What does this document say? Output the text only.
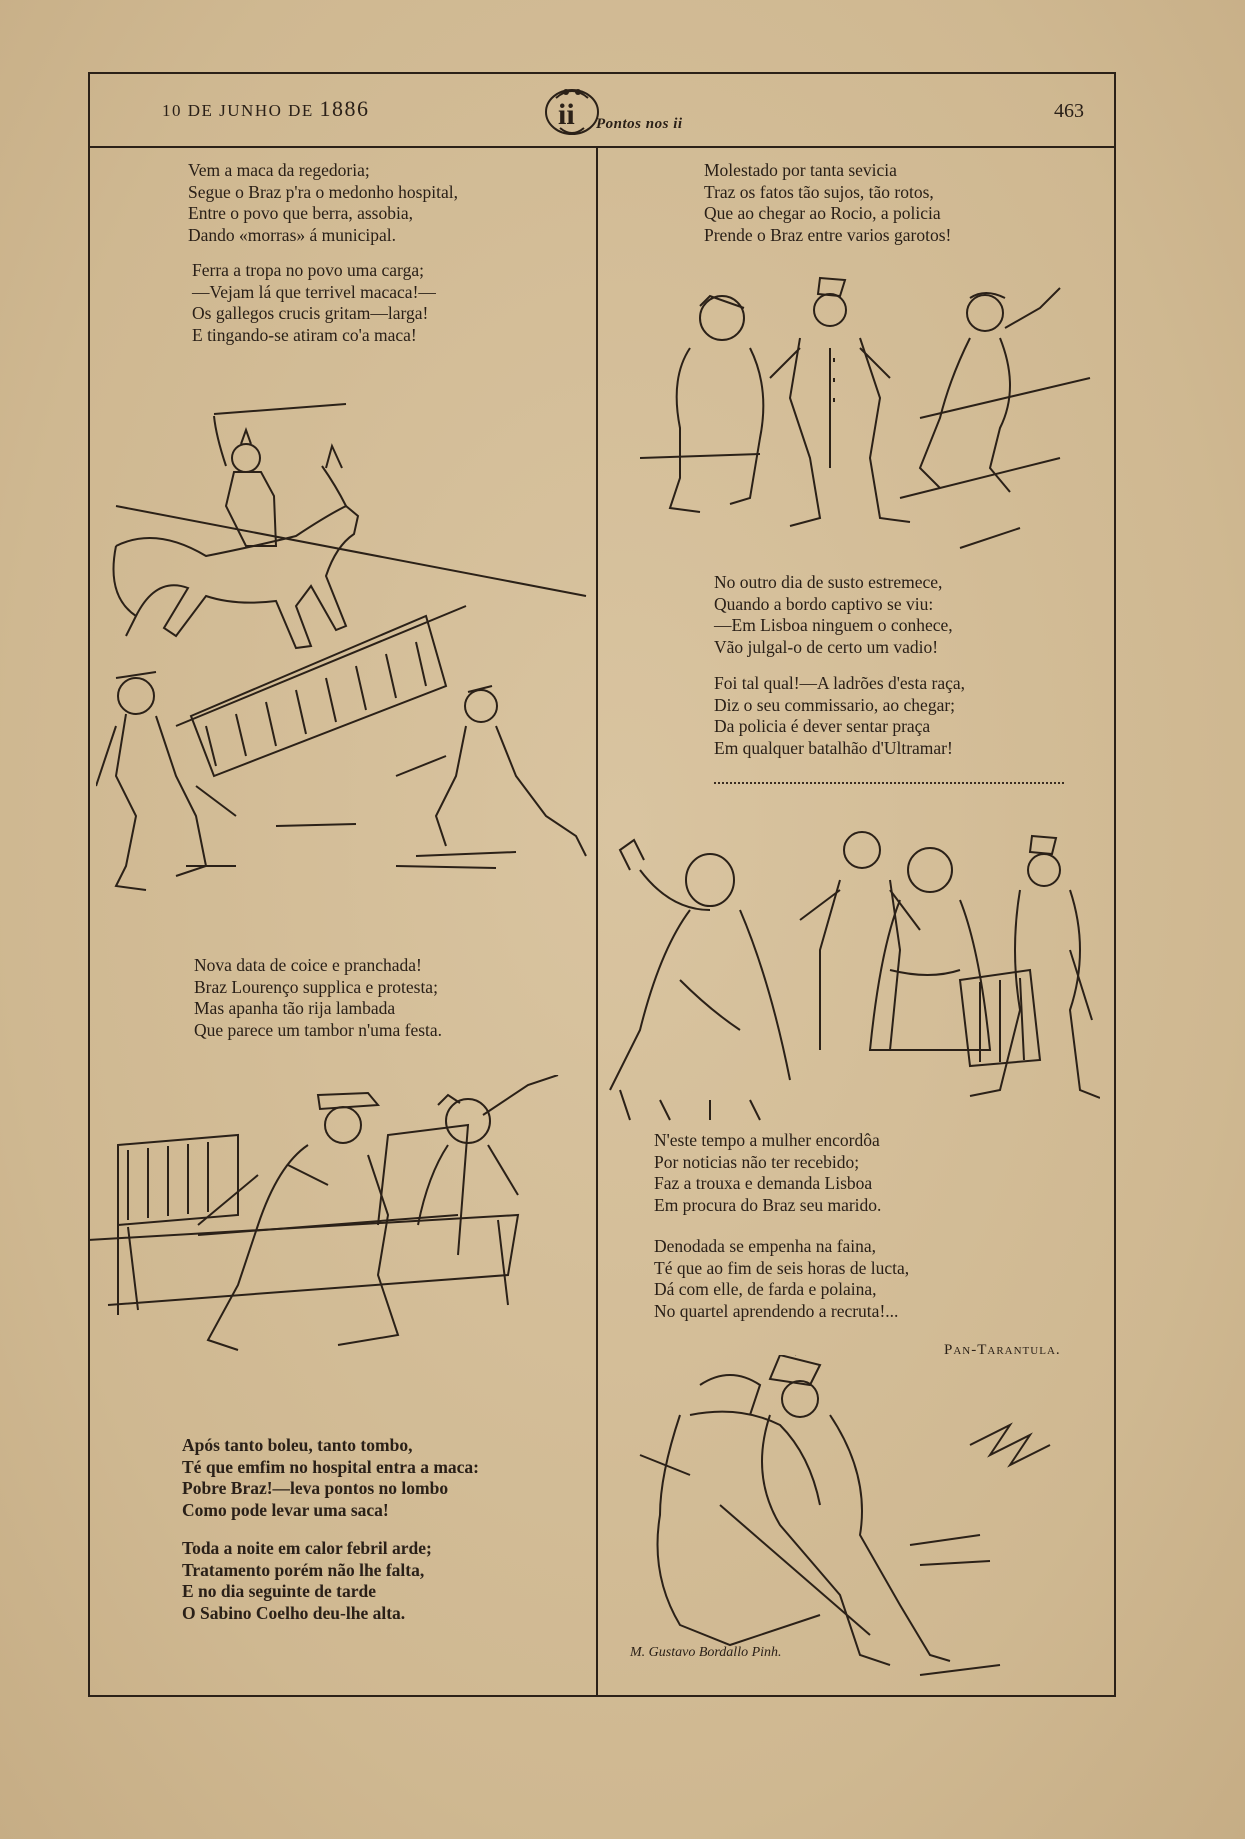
10 DE JUNHO DE 1886	ii Pontos nos ii
463
Vem a maca da regedoria;
Segue o Braz p'ra o medonho hospital,
Entre o povo que berra, assobia,
Dando «morras» á municipal.
Ferra a tropa no povo uma carga;
—Vejam lá que terrivel macaca!—
Os gallegos crucis gritam—larga!
E tingando-se atiram co'a maca!
Nova data de coice e pranchada!
Braz Lourenço supplica e protesta;
Mas apanha tão rija lambada
Que parece um tambor n'uma festa.
Após tanto boleu, tanto tombo,
Té que emfim no hospital entra a maca:
Pobre Braz!—leva pontos no lombo
Como pode levar uma saca!
Toda a noite em calor febril arde;
Tratamento porém não lhe falta,
E no dia seguinte de tarde
O Sabino Coelho deu-lhe alta.
Molestado por tanta sevicia
Traz os fatos tão sujos, tão rotos,
Que ao chegar ao Rocio, a policia
Prende o Braz entre varios garotos!
No outro dia de susto estremece,
Quando a bordo captivo se viu:
—Em Lisboa ninguem o conhece,
Vão julgal-o de certo um vadio!
Foi tal qual!—A ladrões d'esta raça,
Diz o seu commissario, ao chegar;
Da policia é dever sentar praça
Em qualquer batalhão d'Ultramar!
N'este tempo a mulher encordôa
Por noticias não ter recebido;
Faz a trouxa e demanda Lisboa
Em procura do Braz seu marido.
Denodada se empenha na faina,
Té que ao fim de seis horas de lucta,
Dá com elle, de farda e polaina,
No quartel aprendendo a recruta!...
Pan-Tarantula.
M. Gustavo Bordallo Pinh.
